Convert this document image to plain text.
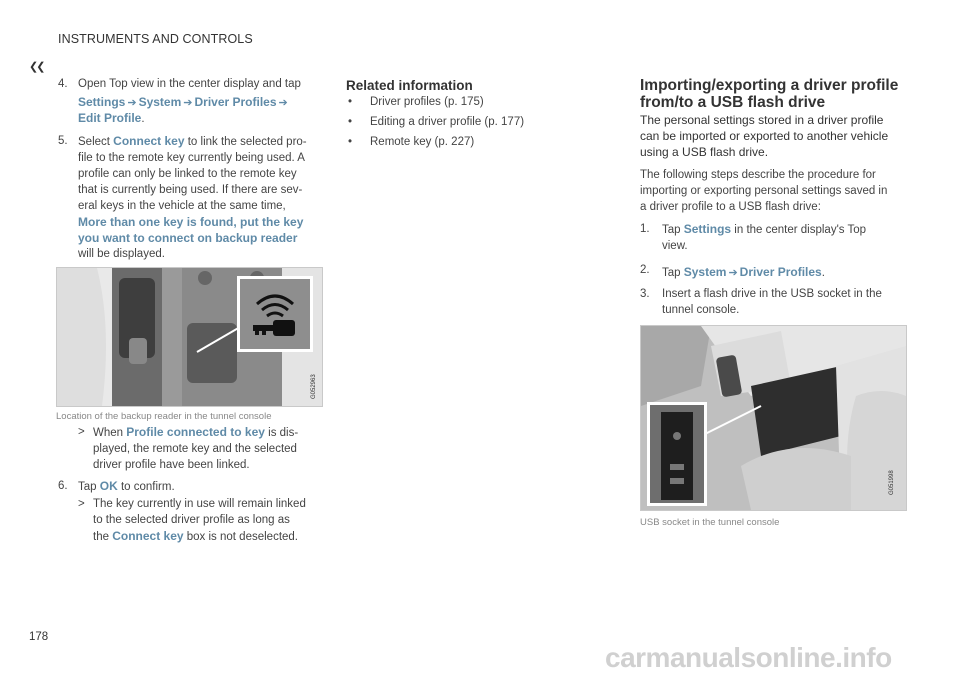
INSTRUMENTS AND CONTROLS
❮❮
4. Open Top view in the center display and tap
Settings ➔ System ➔ Driver Profiles ➔
Edit Profile.
5. Select Connect key to link the selected pro-
file to the remote key currently being used. A
profile can only be linked to the remote key
that is currently being used. If there are sev-
eral keys in the vehicle at the same time,
More than one key is found, put the key
you want to connect on backup reader
will be displayed.
G052963
Location of the backup reader in the tunnel console
> When Profile connected to key is dis-
played, the remote key and the selected
driver profile have been linked.
6. Tap OK to confirm.
> The key currently in use will remain linked
to the selected driver profile as long as
the Connect key box is not deselected.
Related information
• Driver profiles (p. 175)
• Editing a driver profile (p. 177)
• Remote key (p. 227)
Importing/exporting a driver profile
from/to a USB flash drive
The personal settings stored in a driver profile
can be imported or exported to another vehicle
using a USB flash drive.
The following steps describe the procedure for
importing or exporting personal settings saved in
a driver profile to a USB flash drive:
1. Tap Settings in the center display's Top
view.
2. Tap System ➔ Driver Profiles.
3. Insert a flash drive in the USB socket in the
tunnel console.
G051998
USB socket in the tunnel console
178
carmanualsonline.info
